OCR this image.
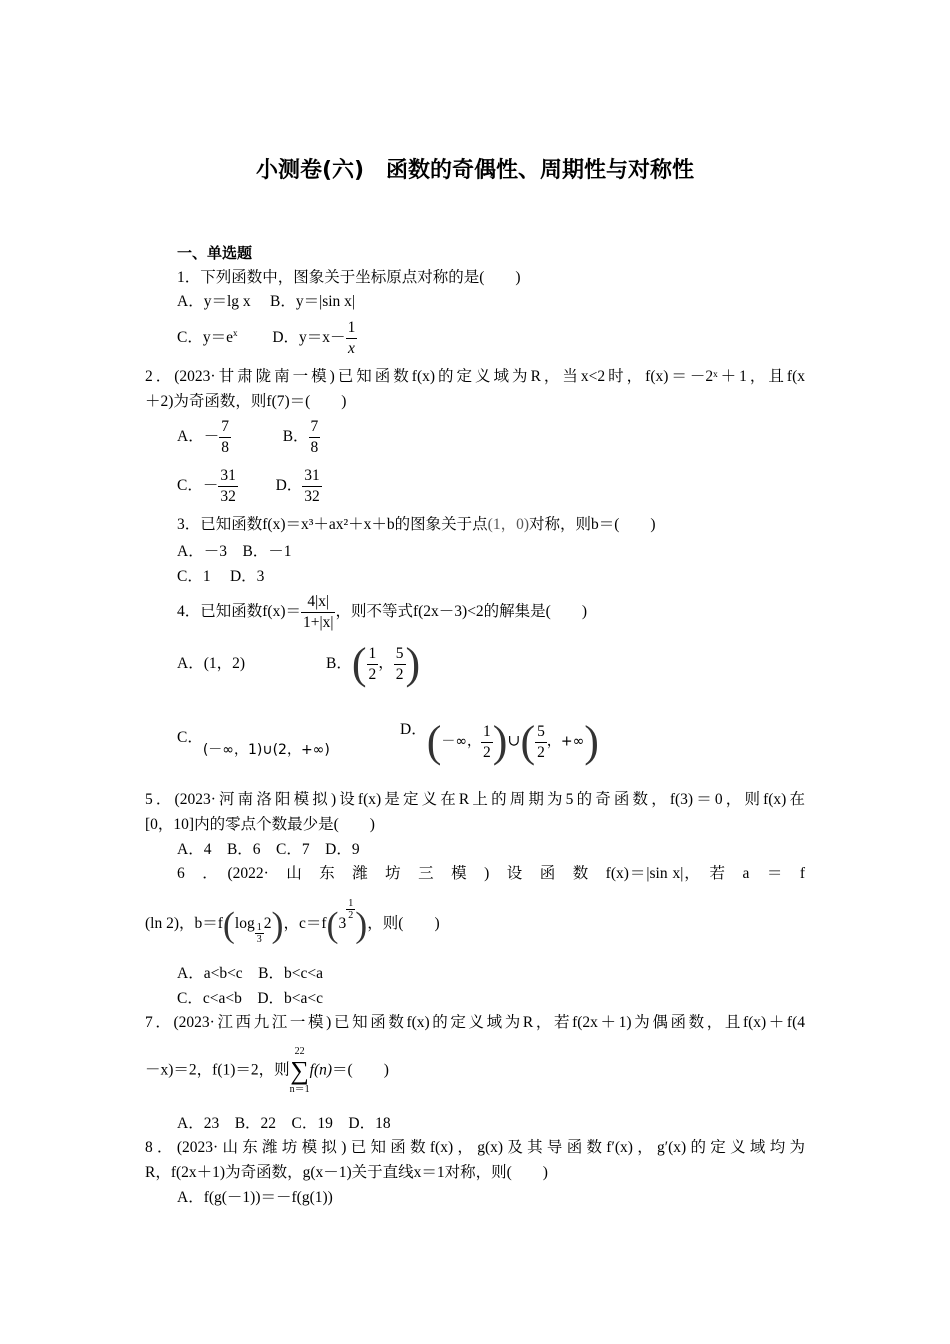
小测卷(六)　函数的奇偶性、周期性与对称性
一、单选题
1．下列函数中，图象关于坐标原点对称的是(　　)
A．y＝lg x　 B．y＝|sin x|
C．$y=e^x$　　 D．$y=x- \frac{1}{x}$
2．(2023·甘肃陇南一模)已知函数f(x)的定义域为R，当x<2时，f(x)＝－2ˣ＋1，且f(x
＋2)为奇函数，则f(7)＝(　　)
A．－ $\frac{7}{8}$	B． $\frac{7}{8}$
C．－ $\frac{31}{32}$ D． $\frac{31}{32}$
3．已知函数f(x)＝x³＋ax²＋x＋b的图象关于点(1，0)对称，则b＝(　　)
A．－3　B．－1
C．1　 D．3
4．已知函数$f(x)= \frac{4|x|}{1+|x|}$ ，则不等式f(2x－3)<2的解集是(　　)
A．(1，2)	B．( $\frac{1}{2}$ ， $\frac{5}{2}$ )
C．(－∞，1)∪(2，+∞)
D．(－∞， $\frac{1}{2}$ )∪( $\frac{5}{2}$ ，+∞)
5．(2023·河南洛阳模拟)设f(x)是定义在R上的周期为5的奇函数，f(3)＝0，则f(x)在
[0，10]内的零点个数最少是(　　)
A．4　B．6　C．7　D．9
6　．　(2022·　山　东　潍　坊　三　模　)　设　函　数　f(x)＝|sin x|，　若　a　＝　f
(ln 2)，$b=f(\log \frac{1}{3} 2)$，c＝f(3
$\frac{1}{2}$ )，则(　　)
A．a<b<c　B．b<c<a
C．c<a<b　D．b<a<c
7．(2023·江西九江一模)已知函数f(x)的定义域为R，若f(2x＋1)为偶函数，且f(x)＋f(4
－x)＝2，f(1)＝2，则
22
∑
n＝1
f(n)＝(　　)
A．23　B．22　C．19　D．18
8．(2023·山东潍坊模拟)已知函数f(x)，g(x)及其导函数f′(x)，g′(x)的定义域均为
R，f(2x＋1)为奇函数，g(x－1)关于直线x＝1对称，则(　　)
A．f(g(－1))＝－f(g(1))
